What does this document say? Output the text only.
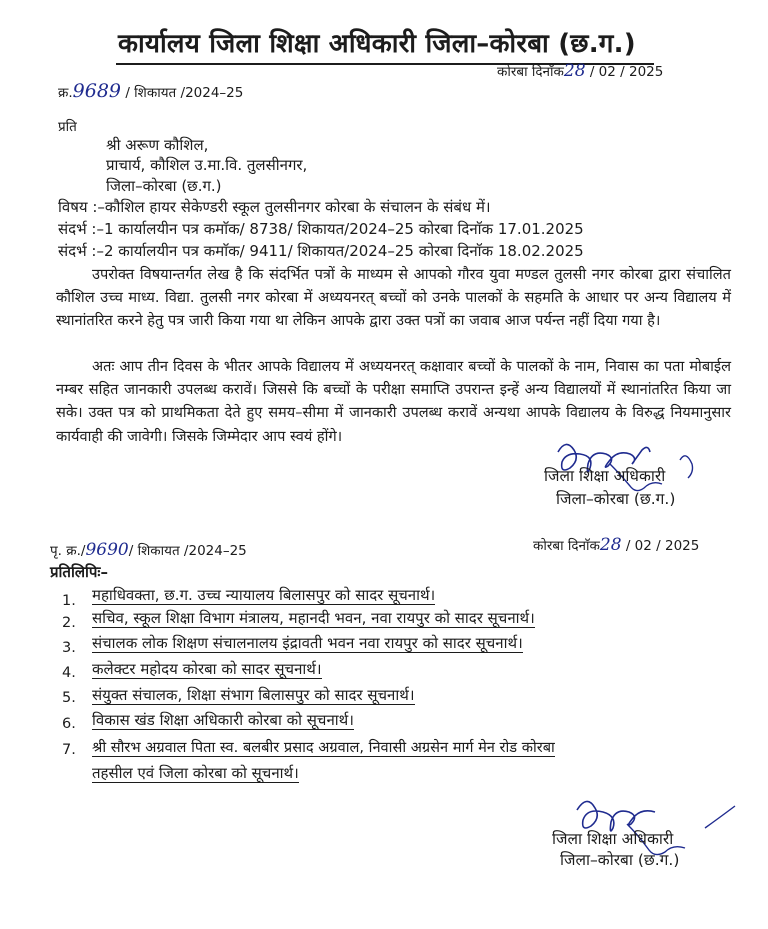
कार्यालय जिला शिक्षा अधिकारी जिला–कोरबा (छ.ग.)
क्र.9689 / शिकायत /2024–25
कोरबा दिनाॅक28 / 02 / 2025
प्रति
श्री अरूण कौशिल,
प्राचार्य, कौशिल उ.मा.वि. तुलसीनगर,
जिला–कोरबा (छ.ग.)
विषय :–कौशिल हायर सेकेण्डरी स्कूल तुलसीनगर कोरबा के संचालन के संबंध में।
संदर्भ :–1 कार्यालयीन पत्र कमाॅक/ 8738/ शिकायत/2024–25 कोरबा दिनाॅक 17.01.2025
संदर्भ :–2 कार्यालयीन पत्र कमाॅक/ 9411/ शिकायत/2024–25 कोरबा दिनाॅक 18.02.2025
उपरोक्त विषयान्तर्गत लेख है कि संदर्भित पत्रों के माध्यम से आपको गौरव युवा मण्डल तुलसी नगर कोरबा द्वारा संचालित कौशिल उच्च माध्य. विद्या. तुलसी नगर कोरबा में अध्ययनरत् बच्चों को उनके पालकों के सहमति के आधार पर अन्य विद्यालय में स्थानांतरित करने हेतु पत्र जारी किया गया था लेकिन आपके द्वारा उक्त पत्रों का जवाब आज पर्यन्त नहीं दिया गया है।
अतः आप तीन दिवस के भीतर आपके विद्यालय में अध्ययनरत् कक्षावार बच्चों के पालकों के नाम, निवास का पता मोबाईल नम्बर सहित जानकारी उपलब्ध करावें। जिससे कि बच्चों के परीक्षा समाप्ति उपरान्त इन्हें अन्य विद्यालयों में स्थानांतरित किया जा सके। उक्त पत्र को प्राथमिकता देते हुए समय–सीमा में जानकारी उपलब्ध करावें अन्यथा आपके विद्यालय के विरुद्ध नियमानुसार कार्यवाही की जावेगी। जिसके जिम्मेदार आप स्वयं होंगे।
जिला शिक्षा अधिकारी
जिला–कोरबा (छ.ग.)
पृ. क्र./9690/ शिकायत /2024–25	कोरबा दिनाॅक28 / 02 / 2025
प्रतिलिपिः–
1. महाधिवक्ता, छ.ग. उच्च न्यायालय बिलासपुर को सादर सूचनार्थ।
2. सचिव, स्कूल शिक्षा विभाग मंत्रालय, महानदी भवन, नवा रायपुर को सादर सूचनार्थ।
3. संचालक लोक शिक्षण संचालनालय इंद्रावती भवन नवा रायपुर को सादर सूचनार्थ।
4. कलेक्टर महोदय कोरबा को सादर सूचनार्थ।
5. संयुक्त संचालक, शिक्षा संभाग बिलासपुर को सादर सूचनार्थ।
6. विकास खंड शिक्षा अधिकारी कोरबा को सूचनार्थ।
7. श्री सौरभ अग्रवाल पिता स्व. बलबीर प्रसाद अग्रवाल, निवासी अग्रसेन मार्ग मेन रोड कोरबा
तहसील एवं जिला कोरबा को सूचनार्थ।
जिला शिक्षा अधिकारी
जिला–कोरबा (छ.ग.)
